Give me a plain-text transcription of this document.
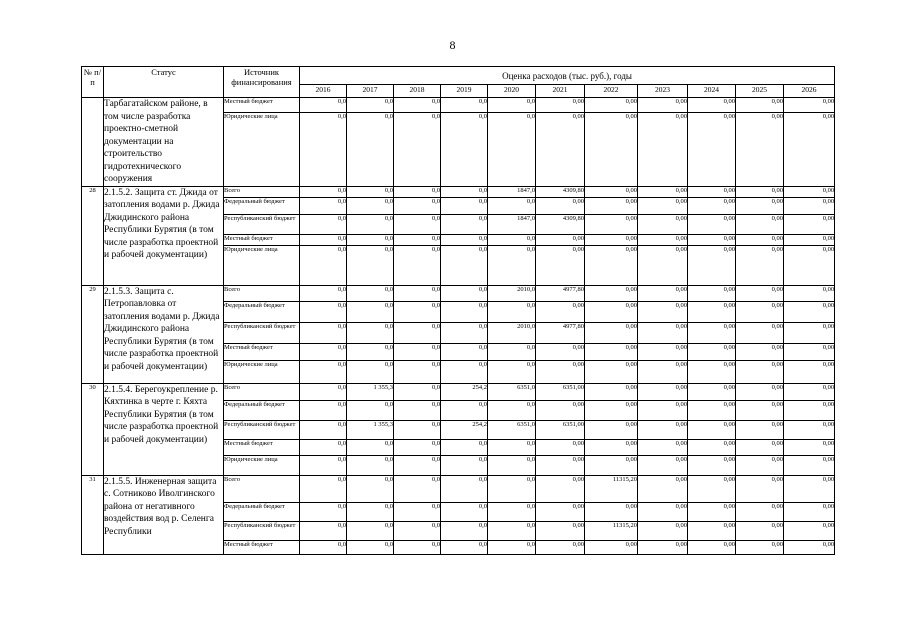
8
№ п/п	Статус	Источник финансирования	Оценка расходов (тыс. руб.), годы										
			2016	2017	2018	2019	2020	2021	2022	2023	2024	2025	2026
	Тарбагатайском районе, в том числе разработка проектно-сметной документации на строительство гидротехнического сооружения	Местный бюджет	0,0	0,0	0,0	0,0	0,0	0,00	0,00	0,00	0,00	0,00	0,00
		Юридические лица	0,0	0,0	0,0	0,0	0,0	0,00	0,00	0,00	0,00	0,00	0,00
28	2.1.5.2. Защита ст. Джида от затопления водами р. Джида Джидинского района Республики Бурятия (в том числе разработка проектной и рабочей документации)	Всего	0,0	0,0	0,0	0,0	1847,0	4309,80	0,00	0,00	0,00	0,00	0,00
		Федеральный бюджет	0,0	0,0	0,0	0,0	0,0	0,00	0,00	0,00	0,00	0,00	0,00
		Республиканский бюджет	0,0	0,0	0,0	0,0	1847,0	4309,80	0,00	0,00	0,00	0,00	0,00
		Местный бюджет	0,0	0,0	0,0	0,0	0,0	0,00	0,00	0,00	0,00	0,00	0,00
		Юридические лица	0,0	0,0	0,0	0,0	0,0	0,00	0,00	0,00	0,00	0,00	0,00
29	2.1.5.3. Защита с. Петропавловка от затопления водами р. Джида Джидинского района Республики Бурятия (в том числе разработка проектной и рабочей документации)	Всего	0,0	0,0	0,0	0,0	2010,0	4977,80	0,00	0,00	0,00	0,00	0,00
		Федеральный бюджет	0,0	0,0	0,0	0,0	0,0	0,00	0,00	0,00	0,00	0,00	0,00
		Республиканский бюджет	0,0	0,0	0,0	0,0	2010,0	4977,80	0,00	0,00	0,00	0,00	0,00
		Местный бюджет	0,0	0,0	0,0	0,0	0,0	0,00	0,00	0,00	0,00	0,00	0,00
		Юридические лица	0,0	0,0	0,0	0,0	0,0	0,00	0,00	0,00	0,00	0,00	0,00
30	2.1.5.4. Берегоукрепление р. Кяхтинка в черте г. Кяхта Республики Бурятия (в том числе разработка проектной и рабочей документации)	Всего	0,0	1 355,3	0,0	254,2	6351,0	6351,00	0,00	0,00	0,00	0,00	0,00
		Федеральный бюджет	0,0	0,0	0,0	0,0	0,0	0,00	0,00	0,00	0,00	0,00	0,00
		Республиканский бюджет	0,0	1 355,3	0,0	254,2	6351,0	6351,00	0,00	0,00	0,00	0,00	0,00
		Местный бюджет	0,0	0,0	0,0	0,0	0,0	0,00	0,00	0,00	0,00	0,00	0,00
		Юридические лица	0,0	0,0	0,0	0,0	0,0	0,00	0,00	0,00	0,00	0,00	0,00
31	2.1.5.5. Инженерная защита с. Сотниково Иволгинского района от негативного воздействия вод р. Селенга Республики	Всего	0,0	0,0	0,0	0,0	0,0	0,00	11315,20	0,00	0,00	0,00	0,00
		Федеральный бюджет	0,0	0,0	0,0	0,0	0,0	0,00	0,00	0,00	0,00	0,00	0,00
		Республиканский бюджет	0,0	0,0	0,0	0,0	0,0	0,00	11315,20	0,00	0,00	0,00	0,00
		Местный бюджет	0,0	0,0	0,0	0,0	0,0	0,00	0,00	0,00	0,00	0,00	0,00
